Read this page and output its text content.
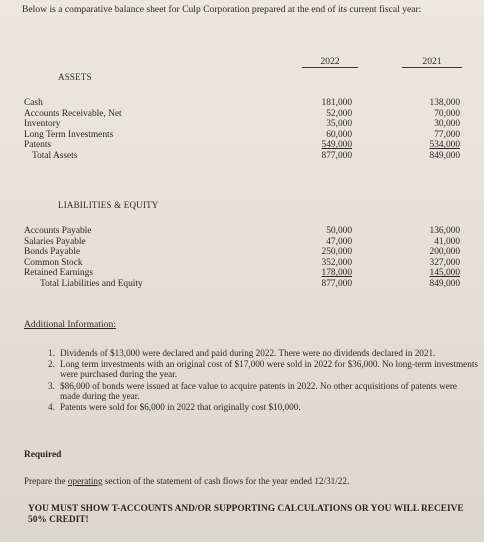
Below is a comparative balance sheet for Culp Corporation prepared at the end of its current fiscal year:
2022	2021
ASSETS
Cash
Accounts Receivable, Net
Inventory
Long Term Investments
Patents
Total Assets
181,000
52,000
35,000
60,000
549,000
877,000
138,000
70,000
30,000
77,000
534,000
849,000
LIABILITIES & EQUITY
Accounts Payable
Salaries Payable
Bonds Payable
Common Stock
Retained Earnings
Total Liabilities and Equity
50,000
47,000
250,000
352,000
178,000
877,000
136,000
41,000
200,000
327,000
145,000
849,000
Additional Information:
1. Dividends of $13,000 were declared and paid during 2022. There were no dividends declared in 2021.
2. Long term investments with an original cost of $17,000 were sold in 2022 for $36,000. No long-term investments were purchased during the year.
3. $86,000 of bonds were issued at face value to acquire patents in 2022. No other acquisitions of patents were made during the year.
4. Patents were sold for $6,000 in 2022 that originally cost $10,000.
Required
Prepare the operating section of the statement of cash flows for the year ended 12/31/22.
YOU MUST SHOW T-ACCOUNTS AND/OR SUPPORTING CALCULATIONS OR YOU WILL RECEIVE 50% CREDIT!
